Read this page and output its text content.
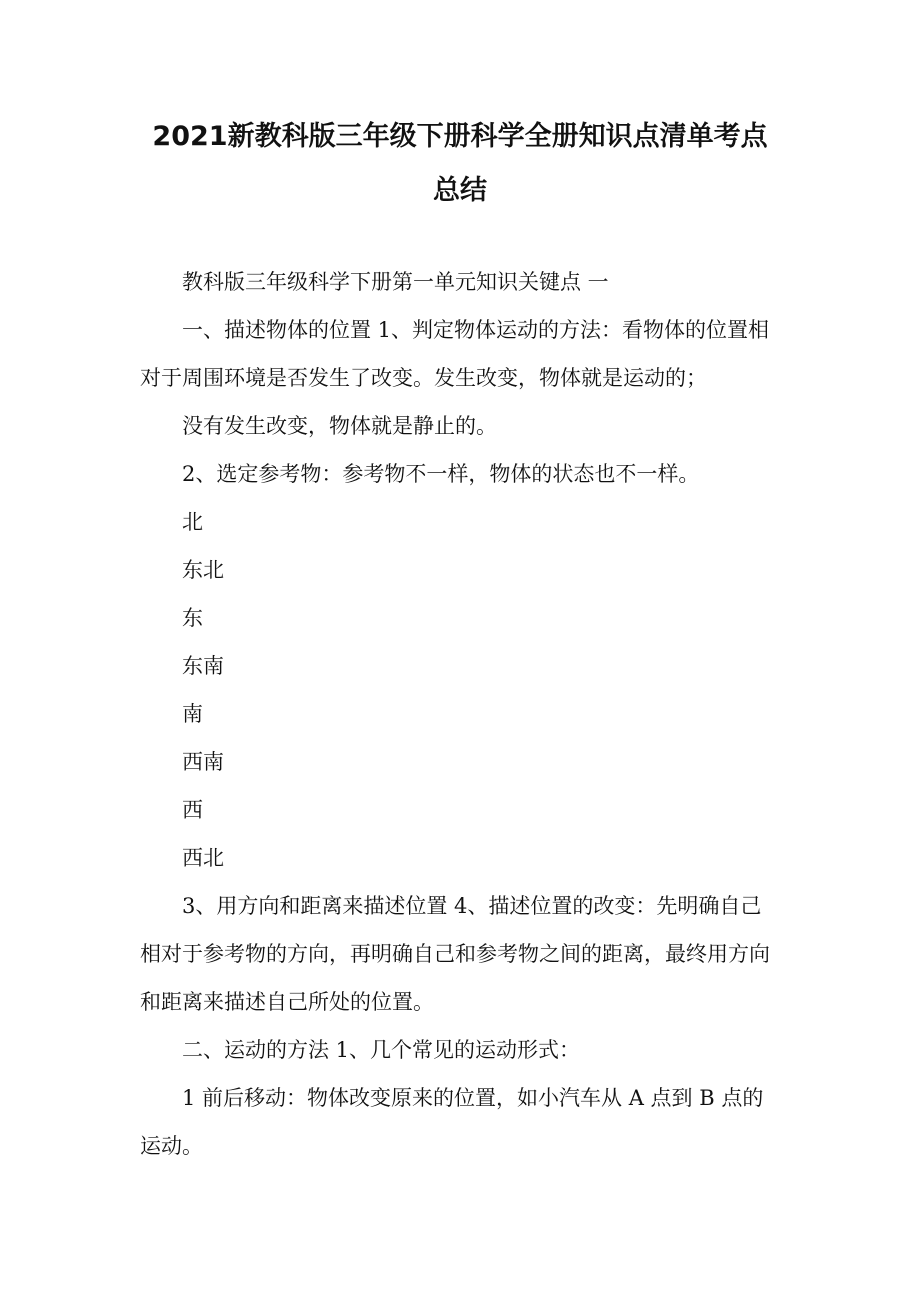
2021新教科版三年级下册科学全册知识点清单考点总结

教科版三年级科学下册第一单元知识关键点 一

一、描述物体的位置 1、判定物体运动的方法：看物体的位置相对于周围环境是否发生了改变。发生改变，物体就是运动的；

没有发生改变，物体就是静止的。

2、选定参考物：参考物不一样，物体的状态也不一样。

北

东北

东

东南

南

西南

西

西北

3、用方向和距离来描述位置 4、描述位置的改变：先明确自己相对于参考物的方向，再明确自己和参考物之间的距离，最终用方向和距离来描述自己所处的位置。

二、运动的方法 1、几个常见的运动形式：

1 前后移动：物体改变原来的位置，如小汽车从 A 点到 B 点的运动。
